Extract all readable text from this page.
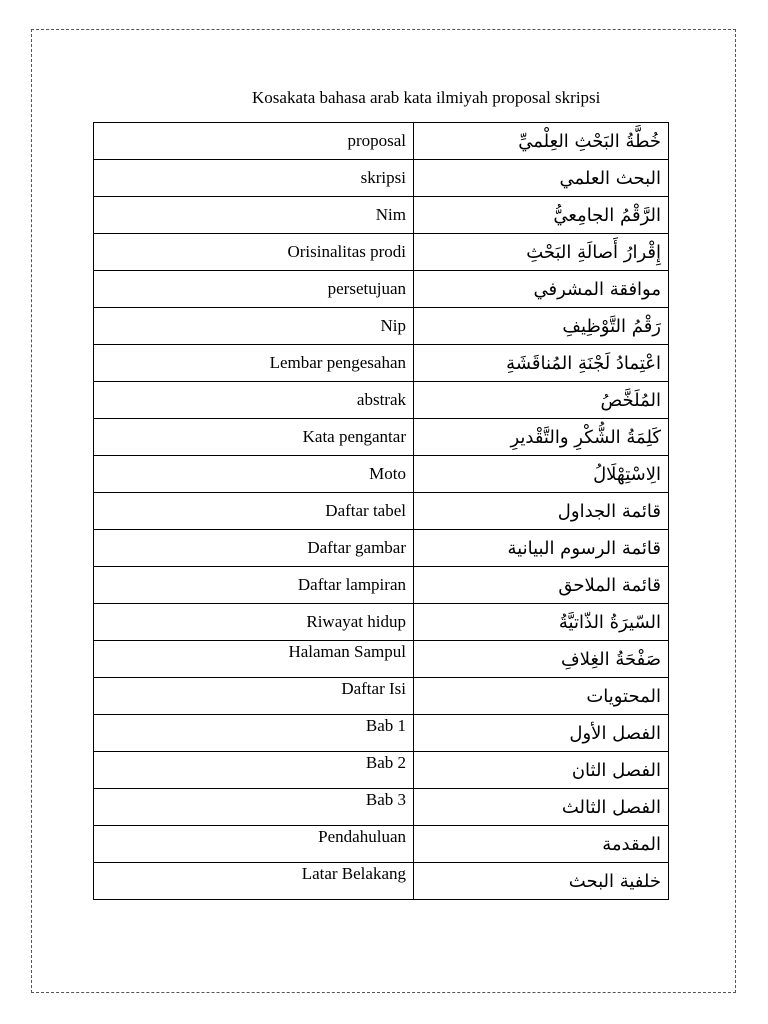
Kosakata bahasa arab kata ilmiyah proposal skripsi
proposal	خُطَّةُ البَحْثِ العِلْميِّ
skripsi	البحث العلمي
Nim	الرَّقْمُ الجامِعيُّ
Orisinalitas prodi	إِقْرارُ أَصالَةِ البَحْثِ
persetujuan	موافقة المشرفي
Nip	رَقْمُ التَّوْظِيفِ
Lembar pengesahan	اعْتِمادُ لَجْنَةِ المُناقَشَةِ
abstrak	المُلَخَّصُ
Kata pengantar	كَلِمَةُ الشُّكْرِ والتَّقْديرِ
Moto	الِاسْتِهْلَالُ
Daftar tabel	قائمة الجداول
Daftar gambar	قائمة الرسوم البيانية
Daftar lampiran	قائمة الملاحق
Riwayat hidup	السّيرَةُ الذّاتيَّةُ
Halaman Sampul	صَفْحَةُ الغِلافِ
Daftar Isi	المحتويات
Bab 1	الفصل الأول
Bab 2	الفصل الثان
Bab 3	الفصل الثالث
Pendahuluan	المقدمة
Latar Belakang	خلفية البحث
